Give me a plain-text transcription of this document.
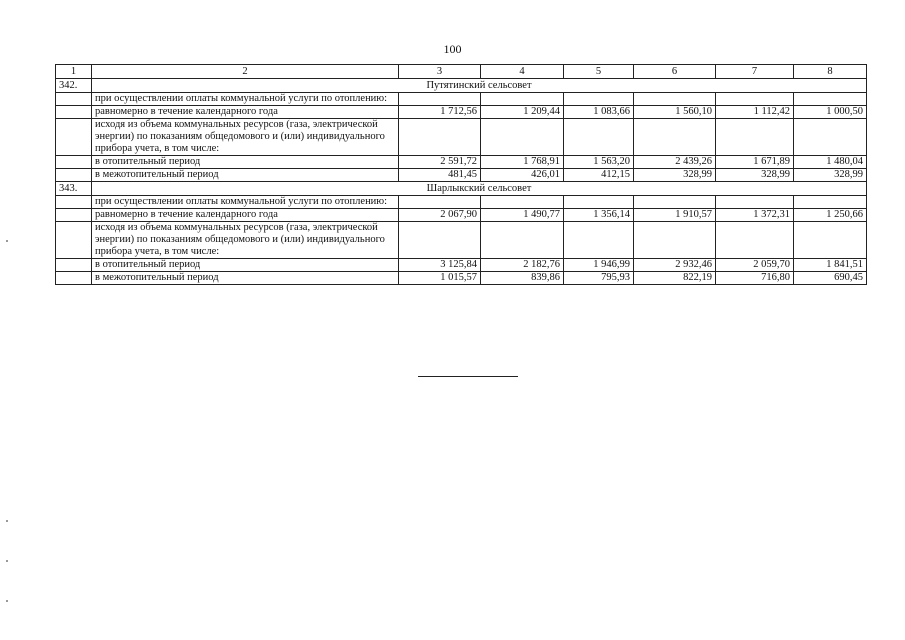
100
1	2	3	4	5	6	7	8
342.	Путятинский сельсовет						
	при осуществлении оплаты коммунальной услуги по отоплению:						
	равномерно в течение календарного года	1 712,56	1 209,44	1 083,66	1 560,10	1 112,42	1 000,50
	исходя из объема коммунальных ресурсов (газа, электрической энергии) по показаниям общедомового и (или) индивидуального прибора учета, в том числе:						
	в отопительный период	2 591,72	1 768,91	1 563,20	2 439,26	1 671,89	1 480,04
	в межотопительный период	481,45	426,01	412,15	328,99	328,99	328,99
343.	Шарлыкский сельсовет						
	при осуществлении оплаты коммунальной услуги по отоплению:						
	равномерно в течение календарного года	2 067,90	1 490,77	1 356,14	1 910,57	1 372,31	1 250,66
	исходя из объема коммунальных ресурсов (газа, электрической энергии) по показаниям общедомового и (или) индивидуального прибора учета, в том числе:						
	в отопительный период	3 125,84	2 182,76	1 946,99	2 932,46	2 059,70	1 841,51
	в межотопительный период	1 015,57	839,86	795,93	822,19	716,80	690,45
